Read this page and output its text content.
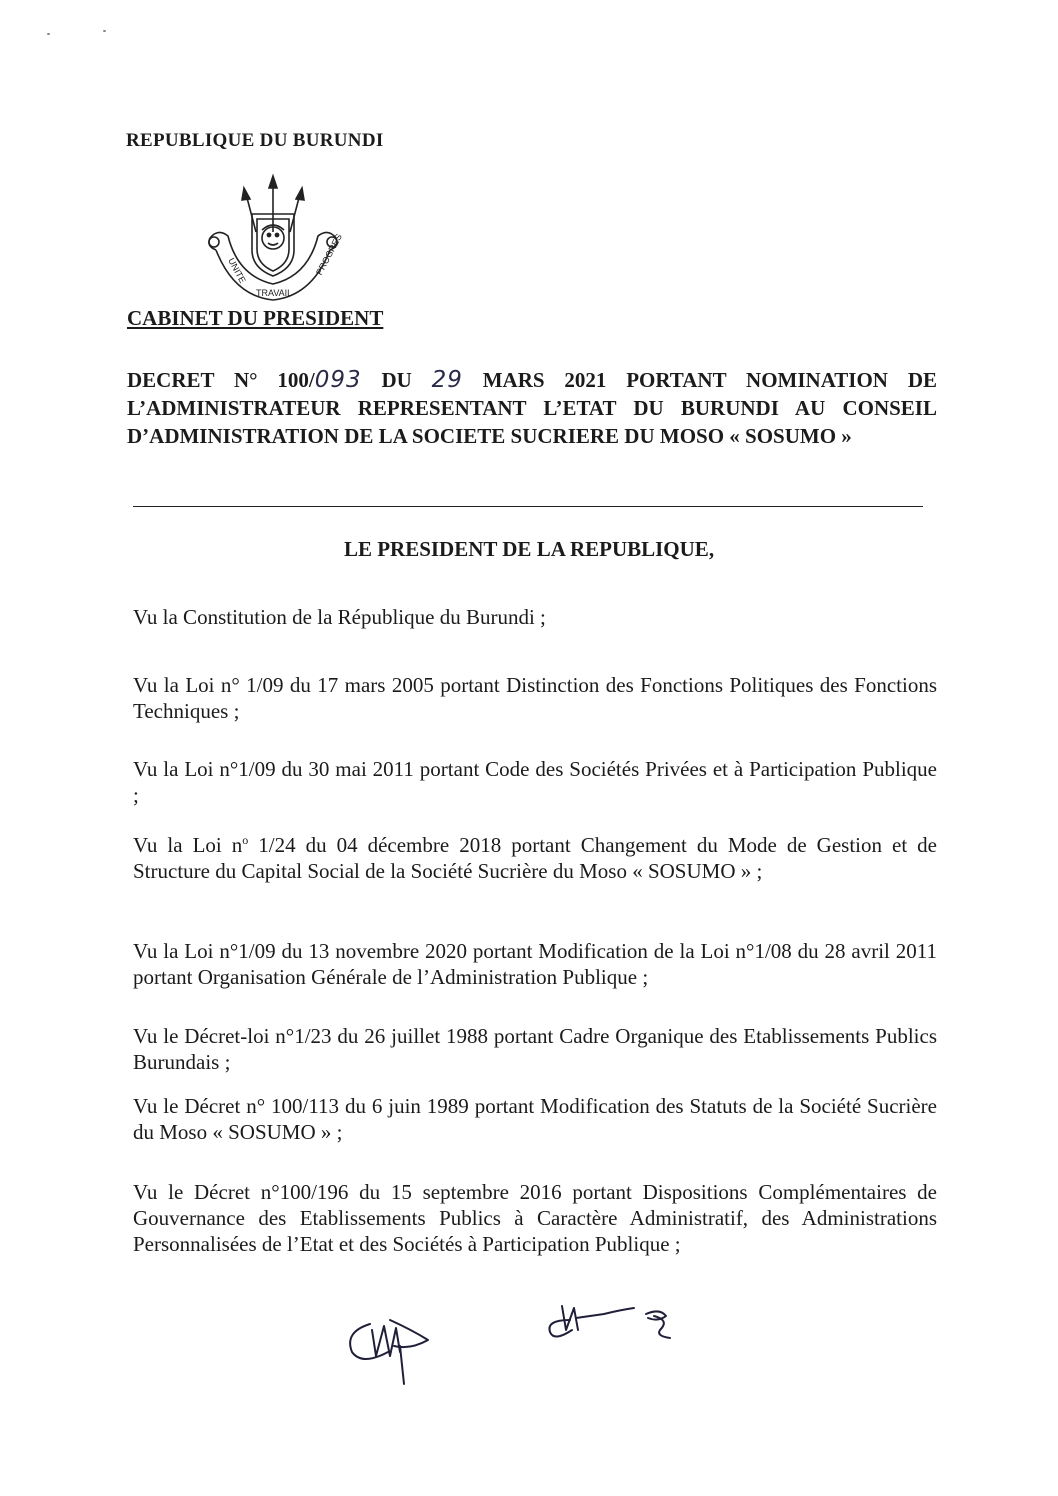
REPUBLIQUE DU BURUNDI
UNITE
TRAVAIL
PROGRES
CABINET DU PRESIDENT
DECRET N° 100/093 DU 29 MARS 2021 PORTANT NOMINATION DE L’ADMINISTRATEUR REPRESENTANT L’ETAT DU BURUNDI AU CONSEIL D’ADMINISTRATION DE LA SOCIETE SUCRIERE DU MOSO « SOSUMO »
LE PRESIDENT DE LA REPUBLIQUE,
Vu la Constitution de la République du Burundi ;
Vu la Loi n° 1/09 du 17 mars 2005 portant Distinction des Fonctions Politiques des Fonctions Techniques ;
Vu la Loi n°1/09 du 30 mai 2011 portant Code des Sociétés Privées et à Participation Publique ;
Vu la Loi $n^o$ 1/24 du 04 décembre 2018 portant Changement du Mode de Gestion et de Structure du Capital Social de la Société Sucrière du Moso « SOSUMO » ;
Vu la Loi n°1/09 du 13 novembre 2020 portant Modification de la Loi n°1/08 du 28 avril 2011 portant Organisation Générale de l’Administration Publique ;
Vu le Décret-loi n°1/23 du 26 juillet 1988 portant Cadre Organique des Etablissements Publics Burundais ;
Vu le Décret n° 100/113 du 6 juin 1989 portant Modification des Statuts de la Société Sucrière du Moso « SOSUMO » ;
Vu le Décret n°100/196 du 15 septembre 2016 portant Dispositions Complémentaires de Gouvernance des Etablissements Publics à Caractère Administratif, des Administrations Personnalisées de l’Etat et des Sociétés à Participation Publique ;
